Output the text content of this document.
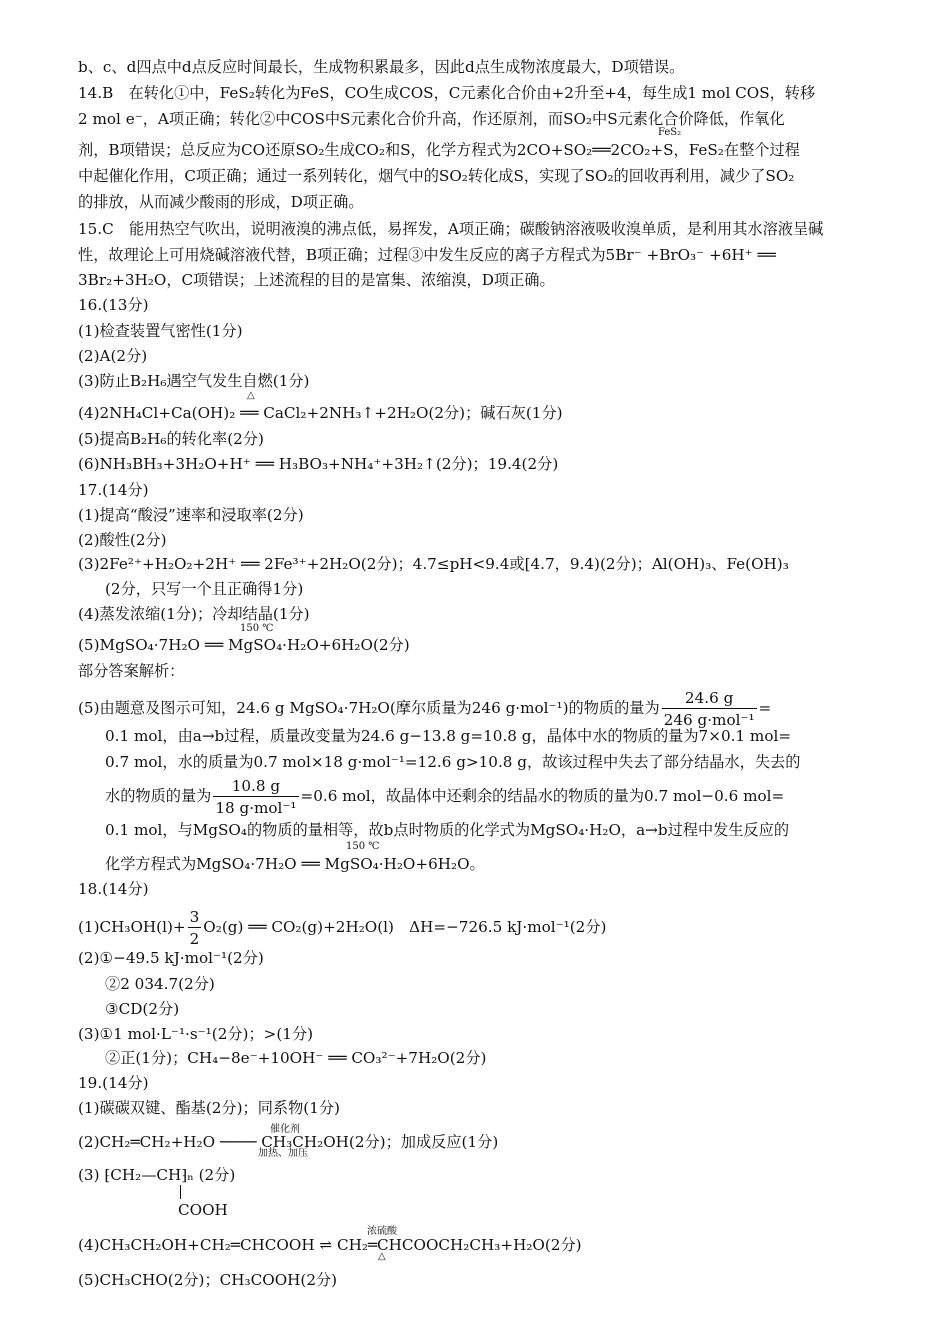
b、c、d四点中d点反应时间最长，生成物积累最多，因此d点生成物浓度最大，D项错误。
14.B　在转化①中，FeS₂转化为FeS，CO生成COS，C元素化合价由+2升至+4，每生成1 mol COS，转移
2 mol e⁻，A项正确；转化②中COS中S元素化合价升高，作还原剂，而SO₂中S元素化合价降低，作氧化
FeS₂
剂，B项错误；总反应为CO还原SO₂生成CO₂和S，化学方程式为2CO+SO₂══2CO₂+S，FeS₂在整个过程
中起催化作用，C项正确；通过一系列转化，烟气中的SO₂转化成S，实现了SO₂的回收再利用，减少了SO₂
的排放，从而减少酸雨的形成，D项正确。
15.C　能用热空气吹出，说明液溴的沸点低，易挥发，A项正确；碳酸钠溶液吸收溴单质，是利用其水溶液呈碱
性，故理论上可用烧碱溶液代替，B项正确；过程③中发生反应的离子方程式为5Br⁻ +BrO₃⁻ +6H⁺ ══
3Br₂+3H₂O，C项错误；上述流程的目的是富集、浓缩溴，D项正确。
16.(13分)
(1)检查装置气密性(1分)
(2)A(2分)
(3)防止B₂H₆遇空气发生自燃(1分)
△
(4)2NH₄Cl+Ca(OH)₂ ══ CaCl₂+2NH₃↑+2H₂O(2分)；碱石灰(1分)
(5)提高B₂H₆的转化率(2分)
(6)NH₃BH₃+3H₂O+H⁺ ══ H₃BO₃+NH₄⁺+3H₂↑(2分)；19.4(2分)
17.(14分)
(1)提高“酸浸”速率和浸取率(2分)
(2)酸性(2分)
(3)2Fe²⁺+H₂O₂+2H⁺ ══ 2Fe³⁺+2H₂O(2分)；4.7≤pH<9.4或[4.7，9.4)(2分)；Al(OH)₃、Fe(OH)₃
(2分，只写一个且正确得1分)
(4)蒸发浓缩(1分)；冷却结晶(1分)
150 ℃
(5)MgSO₄·7H₂O ══ MgSO₄·H₂O+6H₂O(2分)
部分答案解析：
(5)由题意及图示可知，24.6 g MgSO₄·7H₂O(摩尔质量为246 g·mol⁻¹)的物质的量为 $\frac{24.6 g}{\text{246 g·mol⁻¹}}$ =
0.1 mol，由a→b过程，质量改变量为24.6 g−13.8 g=10.8 g，晶体中水的物质的量为7×0.1 mol=
0.7 mol，水的质量为0.7 mol×18 g·mol⁻¹=12.6 g>10.8 g，故该过程中失去了部分结晶水，失去的
水的物质的量为 $\frac{10.8 g}{\text{18 g·mol⁻¹}} =0.6$ mol，故晶体中还剩余的结晶水的物质的量为0.7 mol−0.6 mol=
0.1 mol，与MgSO₄的物质的量相等，故b点时物质的化学式为MgSO₄·H₂O，a→b过程中发生反应的
150 ℃
化学方程式为MgSO₄·7H₂O ══ MgSO₄·H₂O+6H₂O。
18.(14分)
$(1)CH_3OH(l)+ \frac{3}{2} O_2(g)$ ══ CO₂(g)+2H₂O(l)　ΔH=−726.5 kJ·mol⁻¹(2分)
(2)①−49.5 kJ·mol⁻¹(2分)
②2 034.7(2分)
③CD(2分)
(3)①1 mol·L⁻¹·s⁻¹(2分)；>(1分)
②正(1分)；CH₄−8e⁻+10OH⁻ ══ CO₃²⁻+7H₂O(2分)
19.(14分)
(1)碳碳双键、酯基(2分)；同系物(1分)
催化剂
加热、加压
(2)CH₂═CH₂+H₂O ──── CH₃CH₂OH(2分)；加成反应(1分)
(3) ⁅CH₂—CH⁆ₙ (2分)
COOH
浓硫酸
△
(4)CH₃CH₂OH+CH₂═CHCOOH ⇌ CH₂═CHCOOCH₂CH₃+H₂O(2分)
(5)CH₃CHO(2分)；CH₃COOH(2分)
